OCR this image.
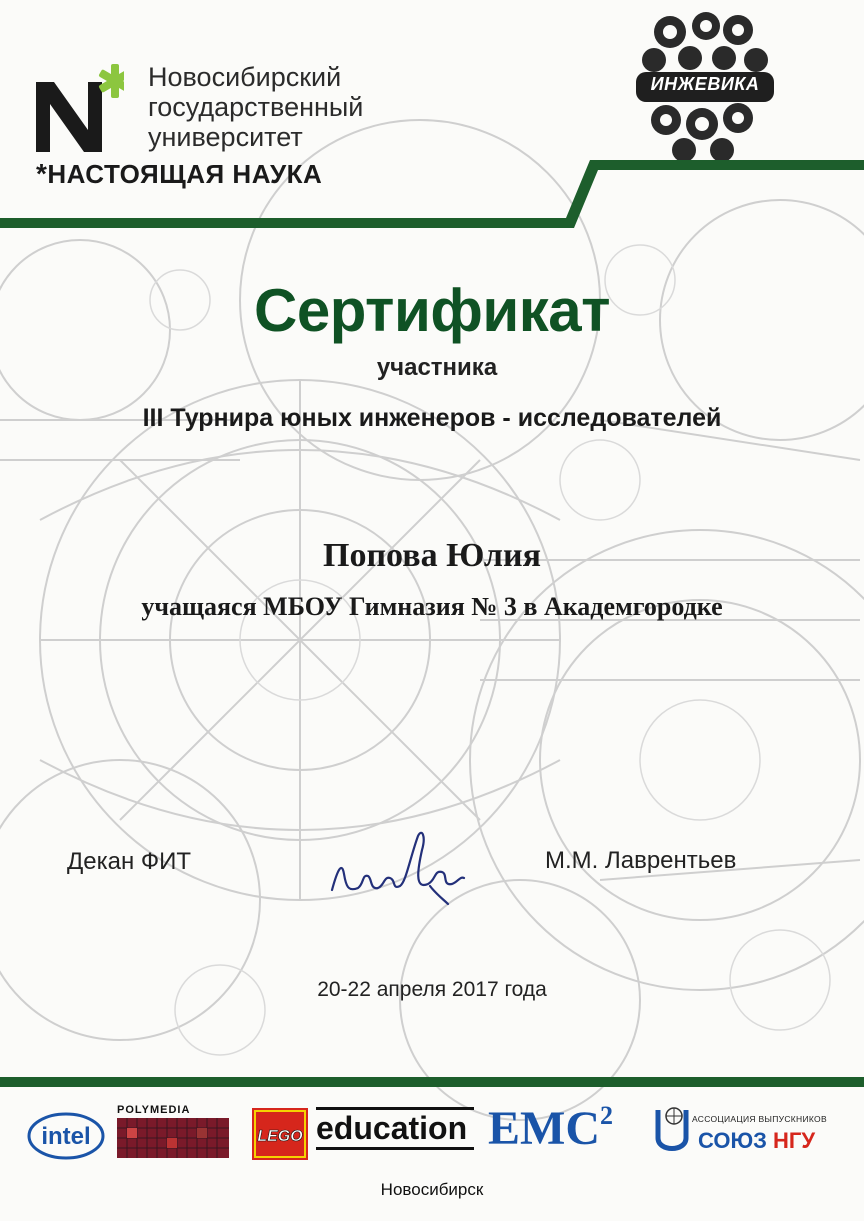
Новосибирский
государственный
университет
*НАСТОЯЩАЯ НАУКА
ИНЖЕВИКА
Сертификат
участника
III Турнира юных инженеров - исследователей
Попова Юлия
учащаяся МБОУ Гимназия № 3 в Академгородке
Декан ФИТ	М.М. Лаврентьев
20-22 апреля 2017 года
intel
POLYMEDIA
LEGO education EMC2	АССОЦИАЦИЯ ВЫПУСКНИКОВ
СОЮЗ НГУ
Новосибирск
